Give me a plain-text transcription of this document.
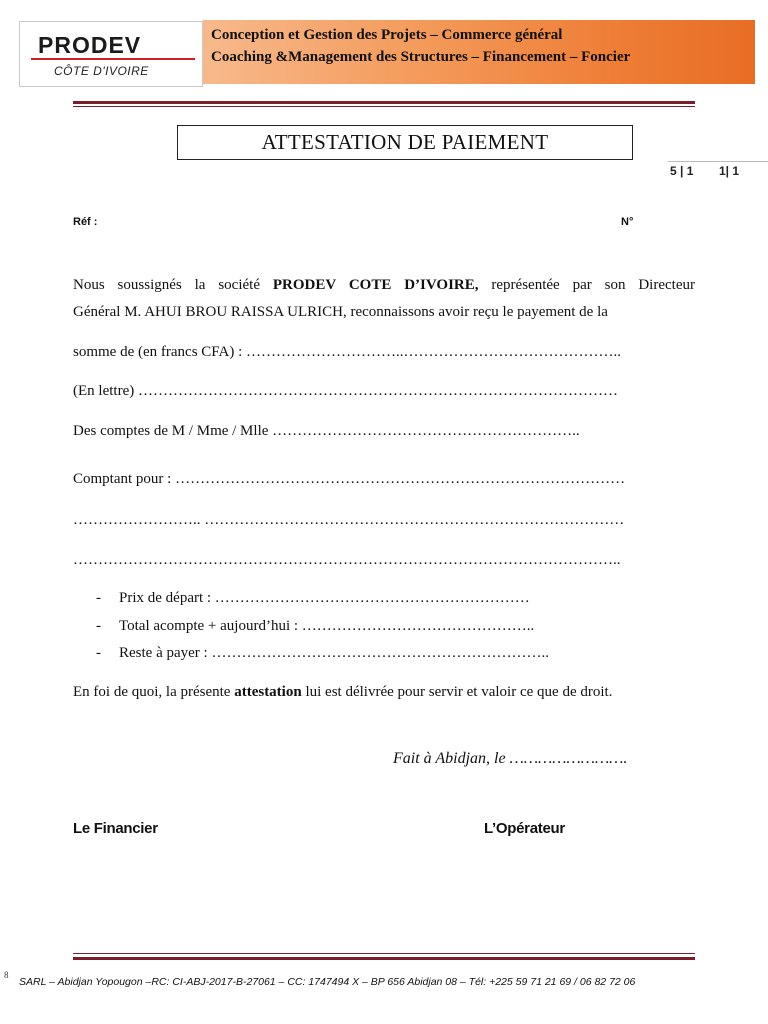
PRODEV
CÔTE D'IVOIRE
Conception et Gestion des Projets – Commerce général
Coaching &Management des Structures – Financement – Foncier
ATTESTATION DE PAIEMENT
5 | 1 1| 1
Réf :	N°
Nous soussignés la société PRODEV COTE D’IVOIRE, représentée par son Directeur
Général M. AHUI BROU RAISSA ULRICH, reconnaissons avoir reçu le payement de la
somme de (en francs CFA) : …………………………..……………………………………..
(En lettre) ……………………………………………………………………………………
Des comptes de M / Mme / Mlle ……………………………………………………..
Comptant pour : ………………………………………………………………………………
…………………….. …………………………………………………………………………
………………………………………………………………………………………………..
- Prix de départ : ………………………………………………………
- Total acompte + aujourd’hui : ………………………………………..
- Reste à payer : …………………………………………………………..
En foi de quoi, la présente attestation lui est délivrée pour servir et valoir ce que de droit.
Fait à Abidjan, le …………………….
Le Financier	L’Opérateur
8
SARL – Abidjan Yopougon –RC: CI-ABJ-2017-B-27061 – CC: 1747494 X – BP 656 Abidjan 08 – Tél: +225 59 71 21 69 / 06 82 72 06
